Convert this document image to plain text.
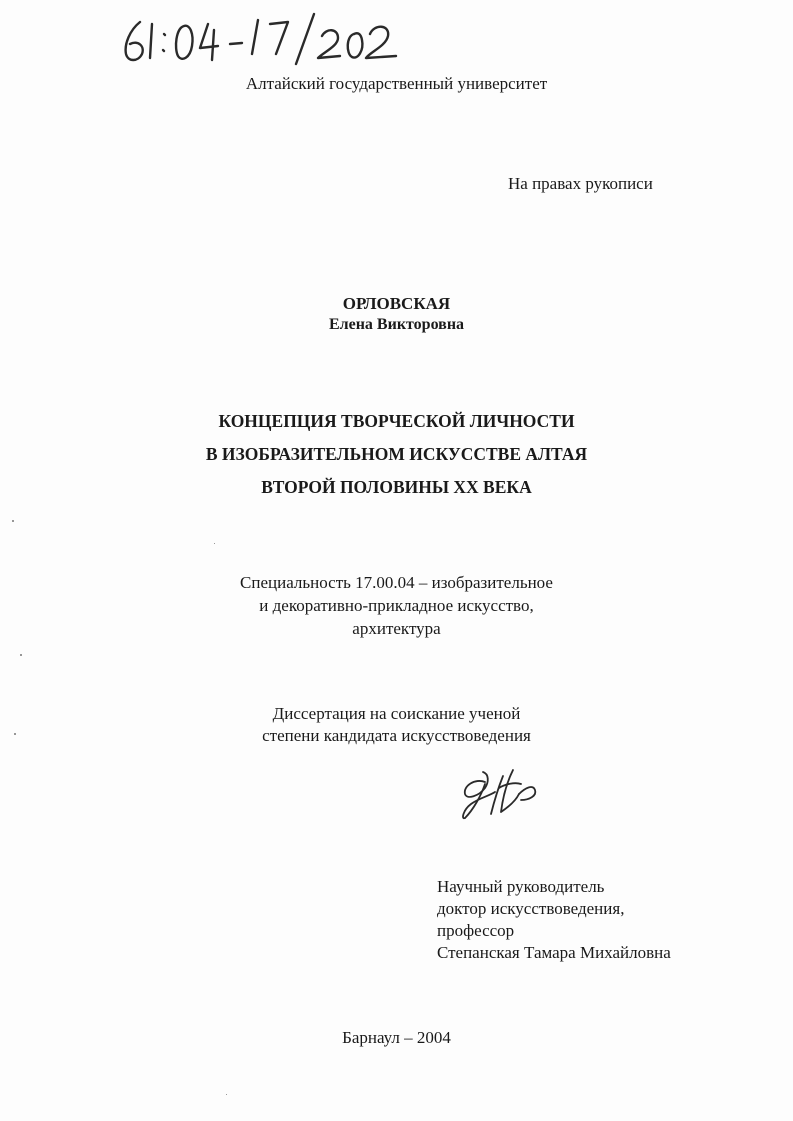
Алтайский государственный университет
На правах рукописи
ОРЛОВСКАЯ
Елена Викторовна
КОНЦЕПЦИЯ ТВОРЧЕСКОЙ ЛИЧНОСТИ
В ИЗОБРАЗИТЕЛЬНОМ ИСКУССТВЕ АЛТАЯ
ВТОРОЙ ПОЛОВИНЫ ХХ ВЕКА
Специальность 17.00.04 – изобразительное
и декоративно-прикладное искусство,
архитектура
Диссертация на соискание ученой
степени кандидата искусствоведения
Научный руководитель
доктор искусствоведения,
профессор
Степанская Тамара Михайловна
Барнаул – 2004
